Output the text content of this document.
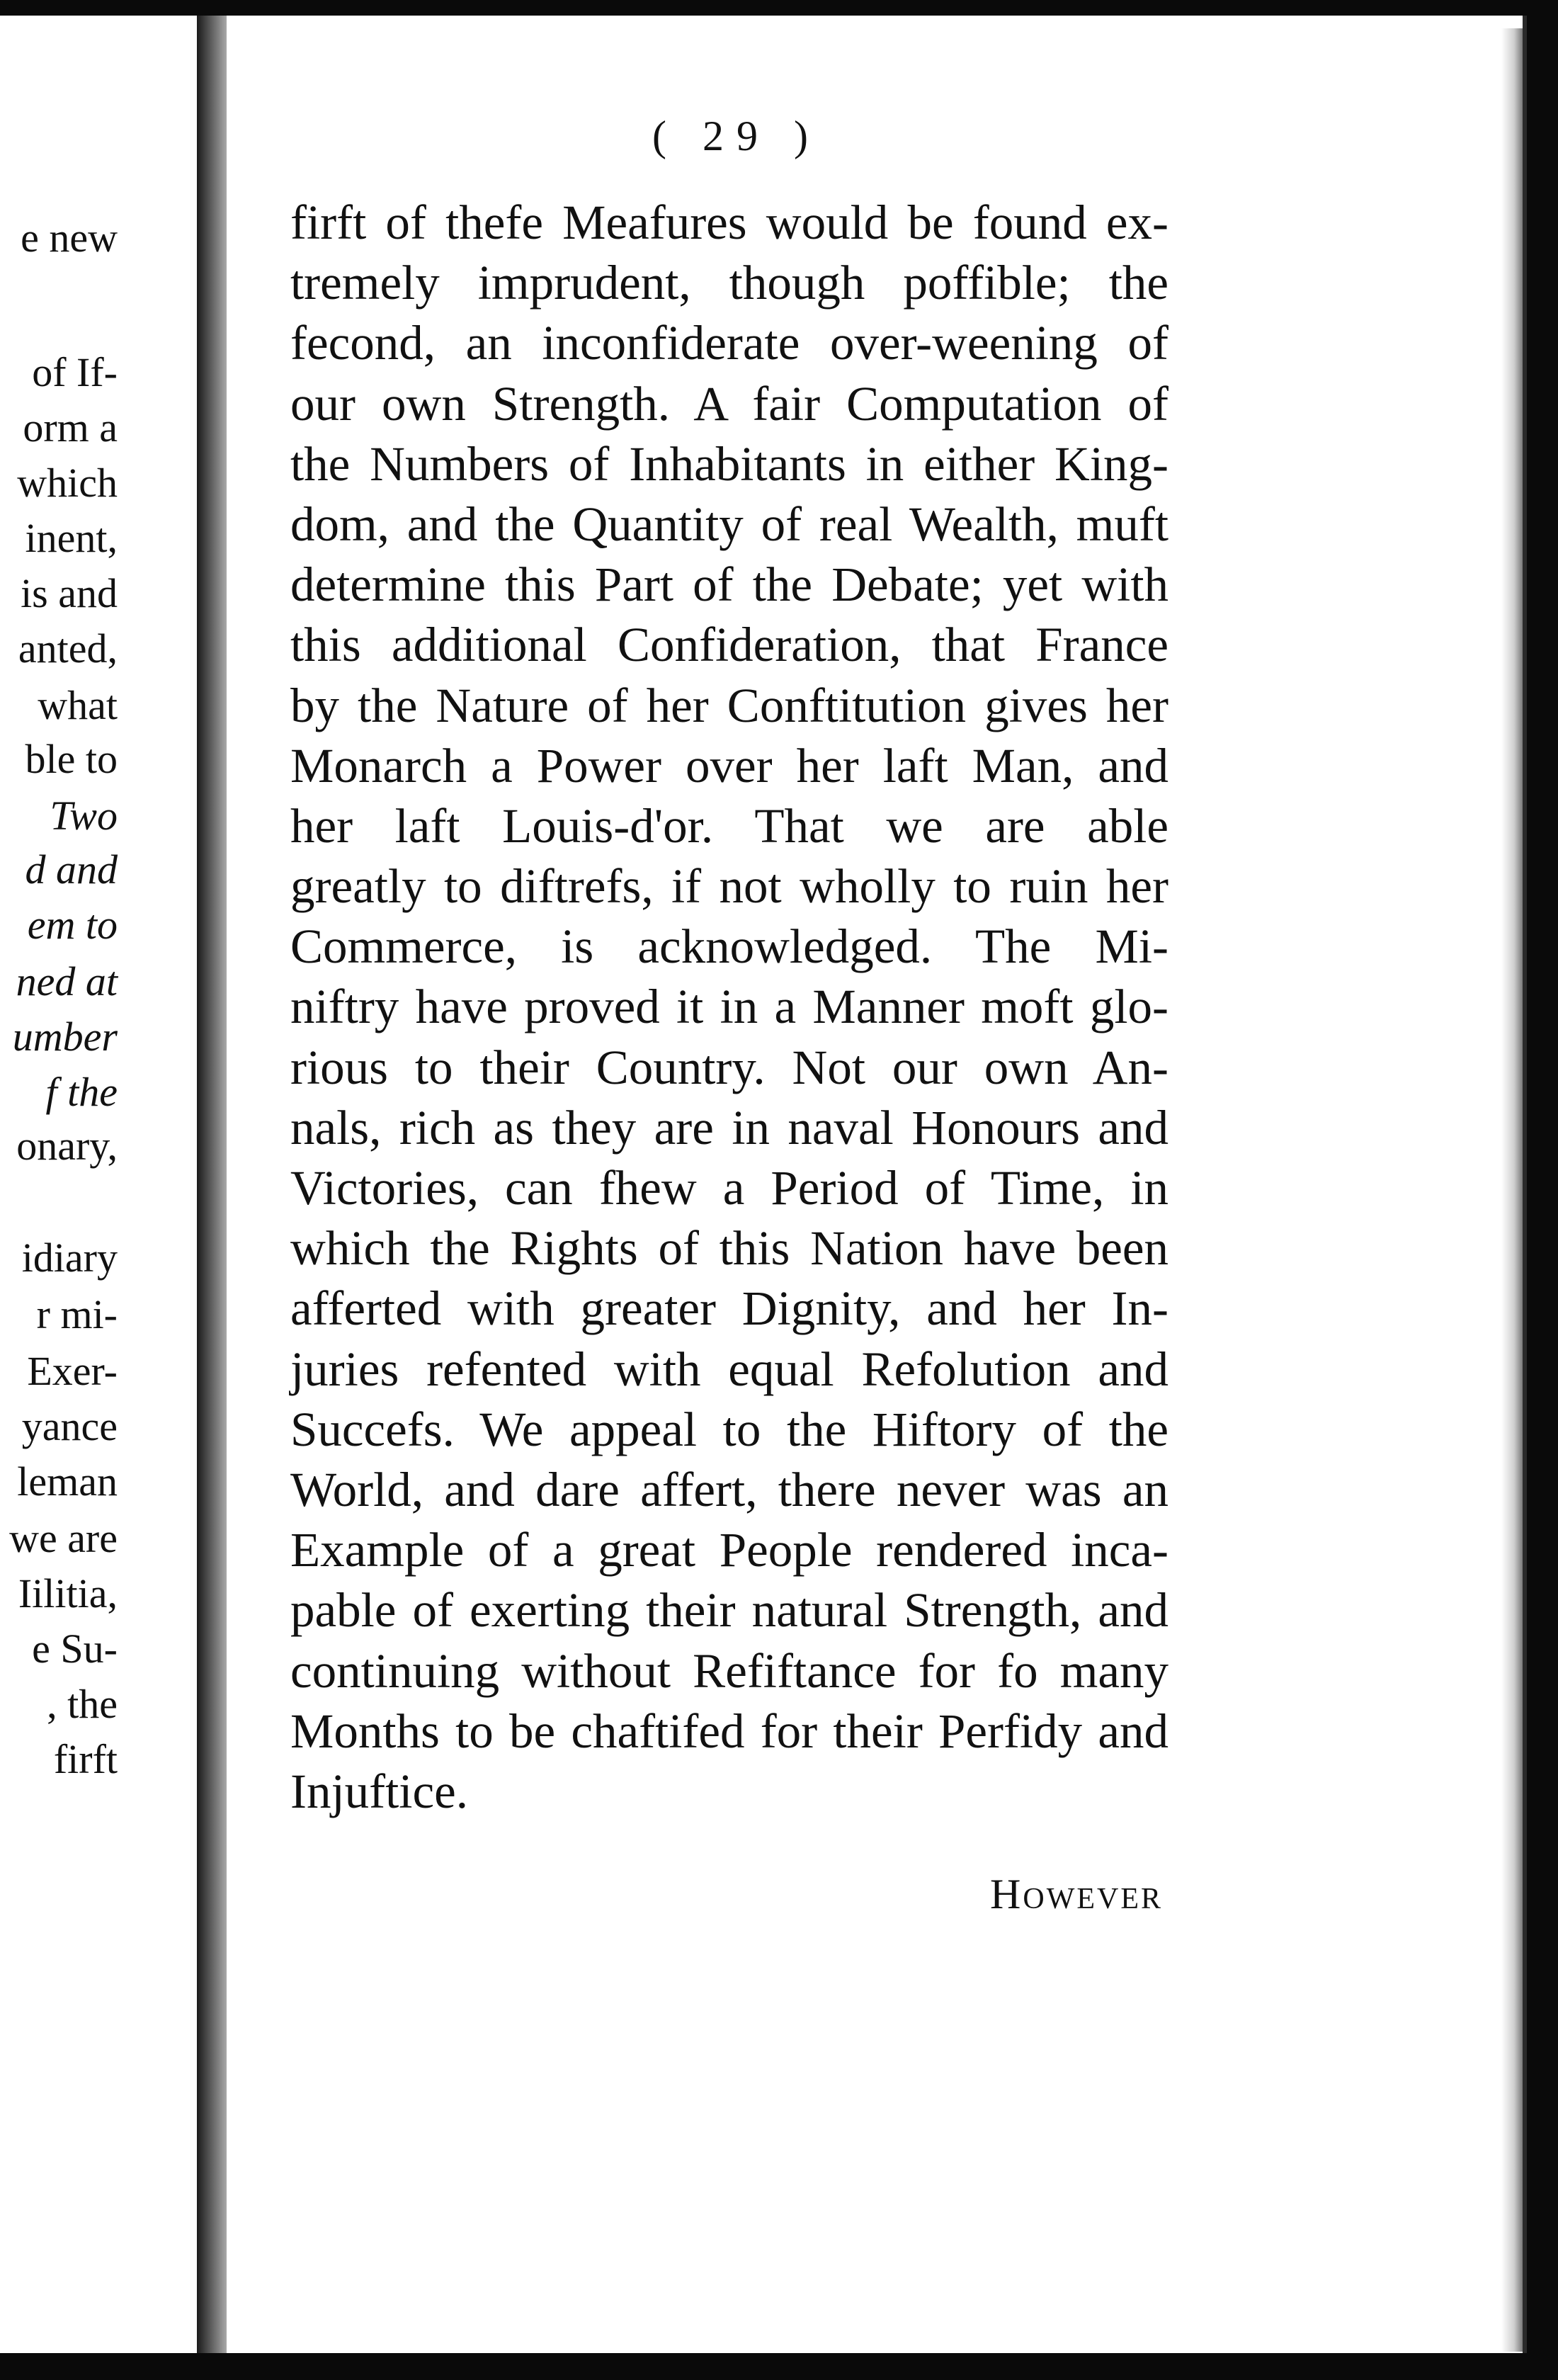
e new
of If-
orm a
which
inent,
is and
anted,
what
ble to
Two
d and
em to
ned at
umber
f the
onary,
idiary
r mi-
Exer-
yance
leman
we are
Iilitia,
e Su-
, the
firft
( 29 )
firft of thefe Meafures would be found ex-
tremely imprudent, though poffible; the
fecond, an inconfiderate over-weening of
our own Strength. A fair Computation of
the Numbers of Inhabitants in either King-
dom, and the Quantity of real Wealth, muft
determine this Part of the Debate; yet with
this additional Confideration, that France
by the Nature of her Conftitution gives her
Monarch a Power over her laft Man, and
her laft Louis-d'or. That we are able
greatly to diftrefs, if not wholly to ruin her
Commerce, is acknowledged. The Mi-
niftry have proved it in a Manner moft glo-
rious to their Country. Not our own An-
nals, rich as they are in naval Honours and
Victories, can fhew a Period of Time, in
which the Rights of this Nation have been
afferted with greater Dignity, and her In-
juries refented with equal Refolution and
Succefs. We appeal to the Hiftory of the
World, and dare affert, there never was an
Example of a great People rendered inca-
pable of exerting their natural Strength, and
continuing without Refiftance for fo many
Months to be chaftifed for their Perfidy and
Injuftice.
However
